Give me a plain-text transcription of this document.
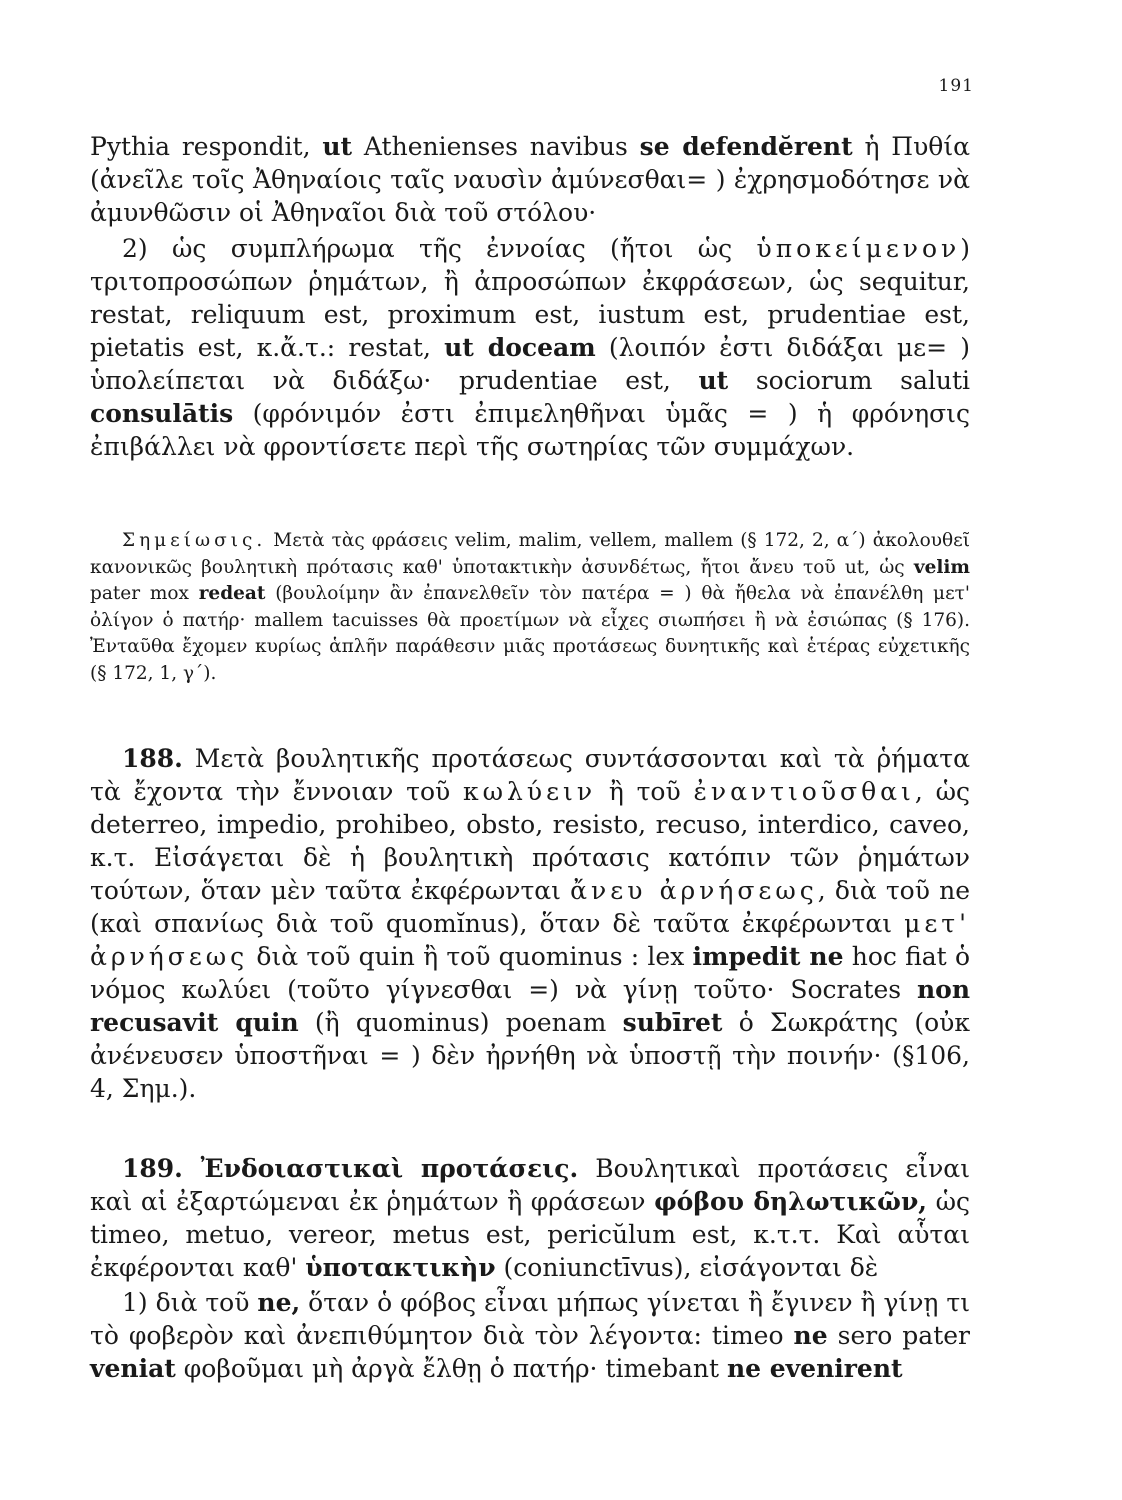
191

Pythia respondit, ut Athenienses navibus se defendĕrent ἡ Πυθία (ἀνεῖλε τοῖς Ἀθηναίοις ταῖς ναυσὶν ἀμύνεσθαι= ) ἐχρησμοδότησε νὰ ἀμυνθῶσιν οἱ Ἀθηναῖοι διὰ τοῦ στόλου·

2) ὡς συμπλήρωμα τῆς ἐννοίας (ἤτοι ὡς ὑποκείμενον) τριτοπροσώπων ῥημάτων, ἢ ἀπροσώπων ἐκφράσεων, ὡς sequitur, restat, reliquum est, proximum est, iustum est, prudentiae est, pietatis est, κ.ἄ.τ.: restat, ut doceam (λοιπόν ἐστι διδάξαι με= ) ὑπολείπεται νὰ διδάξω· prudentiae est, ut sociorum saluti consulātis (φρόνιμόν ἐστι ἐπιμεληθῆναι ὑμᾶς = ) ἡ φρόνησις ἐπιβάλλει νὰ φροντίσετε περὶ τῆς σωτηρίας τῶν συμμάχων.

Σημείωσις. Μετὰ τὰς φράσεις velim, malim, vellem, mallem (§ 172, 2, α΄) ἀκολουθεῖ κανονικῶς βουλητικὴ πρότασις καθ' ὑποτακτικὴν ἀσυνδέτως, ἤτοι ἄνευ τοῦ ut, ὡς velim pater mox redeat (βουλοίμην ἂν ἐπανελθεῖν τὸν πατέρα = ) θὰ ἤθελα νὰ ἐπανέλθη μετ' ὀλίγον ὁ πατήρ· mallem tacuisses θὰ προετίμων νὰ εἶχες σιωπήσει ἢ νὰ ἐσιώπας (§ 176). Ἐνταῦθα ἔχομεν κυρίως ἁπλῆν παράθεσιν μιᾶς προτάσεως δυνητικῆς καὶ ἑτέρας εὐχετικῆς (§ 172, 1, γ΄).

188. Μετὰ βουλητικῆς προτάσεως συντάσσονται καὶ τὰ ῥήματα τὰ ἔχοντα τὴν ἔννοιαν τοῦ κωλύειν ἢ τοῦ ἐναντιοῦσθαι, ὡς deterreo, impedio, prohibeo, obsto, resisto, recuso, interdico, caveo, κ.τ. Εἰσάγεται δὲ ἡ βουλητικὴ πρότασις κατόπιν τῶν ῥημάτων τούτων, ὅταν μὲν ταῦτα ἐκφέρωνται ἄνευ ἀρνήσεως, διὰ τοῦ ne (καὶ σπανίως διὰ τοῦ quomĭnus), ὅταν δὲ ταῦτα ἐκφέρωνται μετ' ἀρνήσεως διὰ τοῦ quin ἢ τοῦ quominus : lex impedit ne hoc fiat ὁ νόμος κωλύει (τοῦτο γίγνεσθαι =) νὰ γίνῃ τοῦτο· Socrates non recusavit quin (ἢ quominus) poenam subīret ὁ Σωκράτης (οὐκ ἀνένευσεν ὑποστῆναι = ) δὲν ἠρνήθη νὰ ὑποστῇ τὴν ποινήν· (§106, 4, Σημ.).

189. Ἐνδοιαστικαὶ προτάσεις. Βουλητικαὶ προτάσεις εἶναι καὶ αἱ ἐξαρτώμεναι ἐκ ῥημάτων ἢ φράσεων φόβου δηλωτικῶν, ὡς timeo, metuo, vereor, metus est, pericŭlum est, κ.τ.τ. Καὶ αὗται ἐκφέρονται καθ' ὑποτακτικὴν (coniunctīvus), εἰσάγονται δὲ

1) διὰ τοῦ ne, ὅταν ὁ φόβος εἶναι μήπως γίνεται ἢ ἔγινεν ἢ γίνῃ τι τὸ φοβερὸν καὶ ἀνεπιθύμητον διὰ τὸν λέγοντα: timeo ne sero pater veniat φοβοῦμαι μὴ ἀργὰ ἔλθῃ ὁ πατήρ· timebant ne evenirent
